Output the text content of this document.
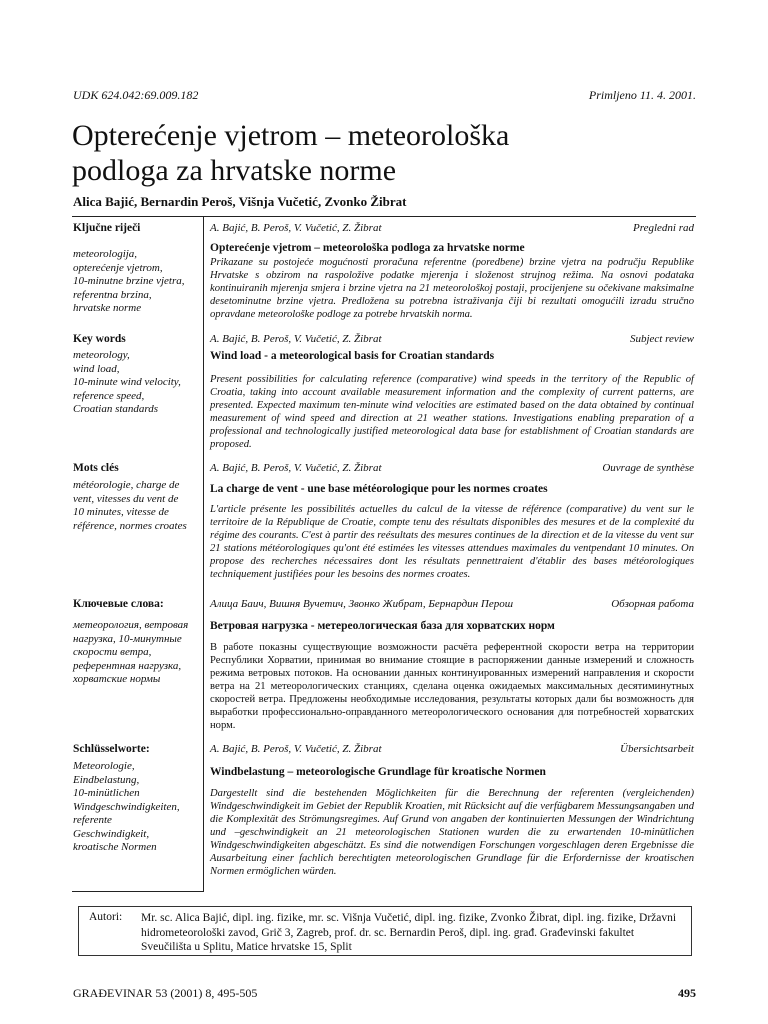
UDK 624.042:69.009.182	Primljeno 11. 4. 2001.
Opterećenje vjetrom – meteorološka
podloga za hrvatske norme
Alica Bajić, Bernardin Peroš, Višnja Vučetić, Zvonko Žibrat
Ključne riječi
meteorologija,
opterećenje vjetrom,
10-minutne brzine vjetra,
referentna brzina,
hrvatske norme
A. Bajić, B. Peroš, V. Vučetić, Z. Žibrat	Pregledni rad
Opterećenje vjetrom – meteorološka podloga za hrvatske norme

Prikazane su postojeće mogućnosti proračuna referentne (poredbene) brzine vjetra na području Republike Hrvatske s obzirom na raspoložive podatke mjerenja i složenost strujnog režima. Na osnovi podataka kontinuiranih mjerenja smjera i brzine vjetra na 21 meteorološkoj postaji, procijenjene su očekivane maksimalne desetominutne brzine vjetra. Predložena su potrebna istraživanja čiji bi rezultati omogućili izradu stručno opravdane meteorološke podloge za potrebe hrvatskih norma.

Key words
meteorology,
wind load,
10-minute wind velocity,
reference speed,
Croatian standards
A. Bajić, B. Peroš, V. Vučetić, Z. Žibrat	Subject review
Wind load - a meteorological basis for Croatian standards

Present possibilities for calculating reference (comparative) wind speeds in the territory of the Republic of Croatia, taking into account available measurement information and the complexity of current patterns, are presented. Expected maximum ten-minute wind velocities are estimated based on the data obtained by continual measurement of wind speed and direction at 21 weather stations. Investigations enabling preparation of a professional and technologically justified meteorological data base for establishment of Croatian standards are proposed.

Mots clés
météorologie, charge de
vent, vitesses du vent de
10 minutes, vitesse de
référence, normes croates
A. Bajić, B. Peroš, V. Vučetić, Z. Žibrat	Ouvrage de synthèse
La charge de vent - une base météorologique pour les normes croates

L'article présente les possibilités actuelles du calcul de la vitesse de référence (comparative) du vent sur le territoire de la République de Croatie, compte tenu des résultats disponibles des mesures et de la complexité du régime des courants. C'est à partir des reésultats des mesures continues de la direction et de la vitesse du vent sur 21 stations météorologiques qu'ont été estimées les vitesses attendues maximales du ventpendant 10 minutes. On propose des recherches nécessaires dont les résultats pennettraient d'établir des bases météorologiques techniquement justifiées pour les besoins des normes croates.

Ключевые слова:
метеорология, ветровая
нагрузка, 10-минутные
скорости ветра,
референтная нагрузка,
хорватские нормы
Алица Баич, Вишня Вучетич, Звонко Жибрат, Бернардин Перош	Обзорная работа
Ветровая нагрузка - метереологическая база для хорватских норм

В работе показны существующие возможности расчёта референтной скорости ветра на территории Республики Хорватии, принимая во внимание стоящие в распоряжении данные измерений и сложность режима ветровых потоков. На основании данных континуированных измерений направления и скорости ветра на 21 метеорологических станциях, сделана оценка ожидаемых максимальных десятиминутных скоростей ветра. Предложены необходимые исследования, результаты которых дали бы возможность для выработки профессионально-оправданного метеорологического основания для потребностей хорватских норм.

Schlüsselworte:
Meteorologie,
Eindbelastung,
10-minütlichen
Windgeschwindigkeiten,
referente
Geschwindigkeit,
kroatische Normen
A. Bajić, B. Peroš, V. Vučetić, Z. Žibrat	Übersichtsarbeit
Windbelastung – meteorologische Grundlage für kroatische Normen

Dargestellt sind die bestehenden Möglichkeiten für die Berechnung der referenten (vergleichenden) Windgeschwindigkeit im Gebiet der Republik Kroatien, mit Rücksicht auf die verfügbarem Messungsangaben und die Komplexität des Strömungsregimes. Auf Grund von angaben der kontinuierten Messungen der Windrichtung und –geschwindigkeit an 21 meteorologischen Stationen wurden die zu erwartenden 10-minütlichen Windgeschwindigkeiten abgeschätzt. Es sind die notwendigen Forschungen vorgeschlagen deren Ergebnisse die Ausarbeitung einer fachlich berechtigten meteorologischen Grundlage für die Erfordernisse der kroatischen Normen ermöglichen würden.

Autori: Mr. sc. Alica Bajić, dipl. ing. fizike, mr. sc. Višnja Vučetić, dipl. ing. fizike, Zvonko Žibrat, dipl. ing. fizike, Državni hidrometeorološki zavod, Grič 3, Zagreb, prof. dr. sc. Bernardin Peroš, dipl. ing. građ. Građevinski fakultet Sveučilišta u Splitu, Matice hrvatske 15, Split

GRAĐEVINAR 53 (2001) 8, 495-505	495
